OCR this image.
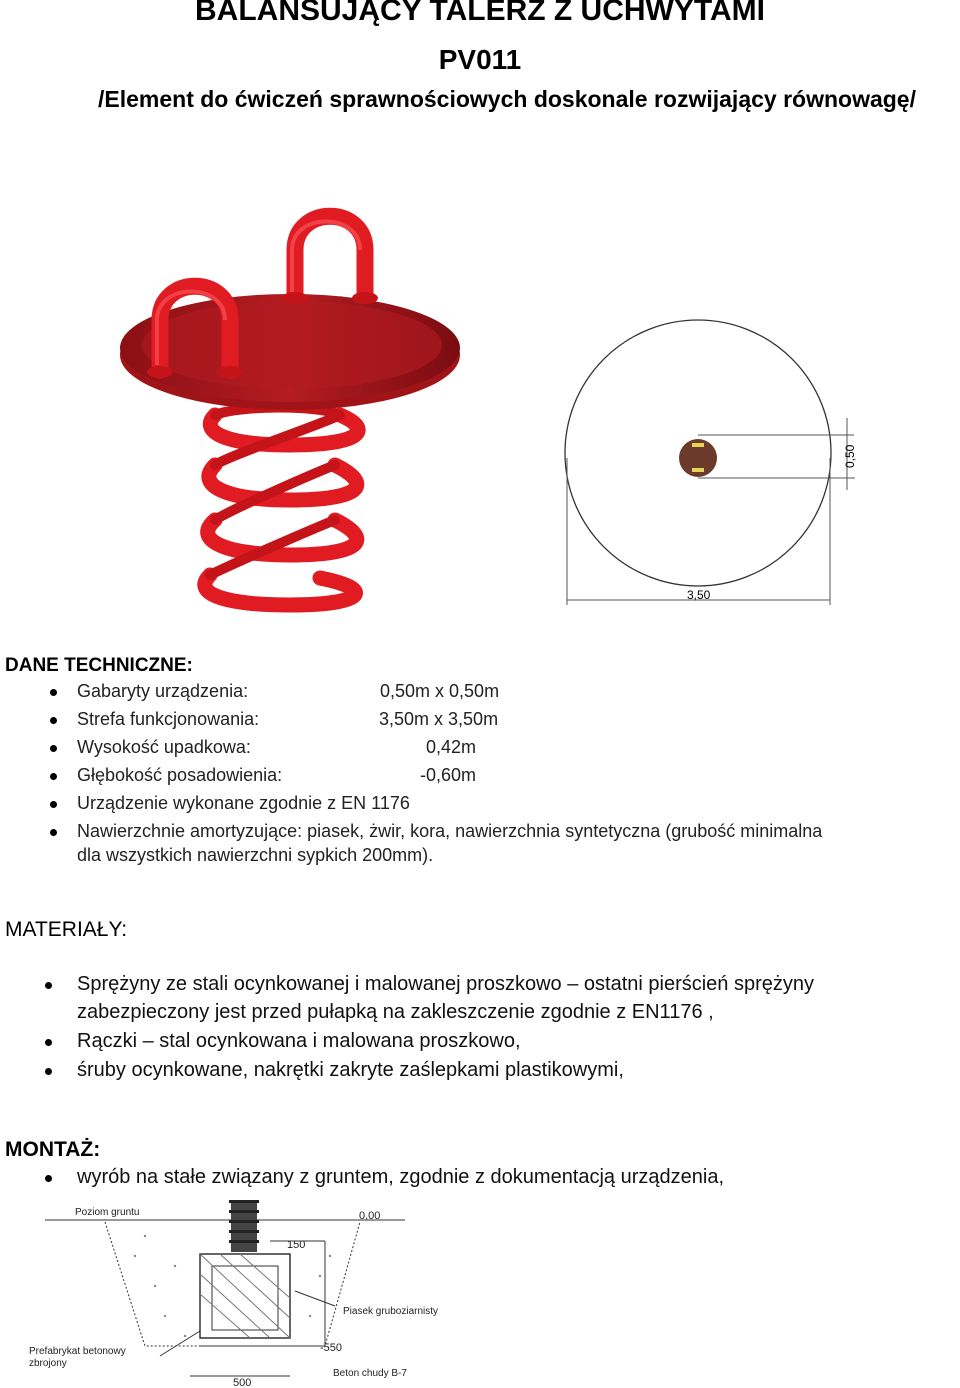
BALANSUJĄCY TALERZ Z UCHWYTAMI
PV011
/Element do ćwiczeń sprawnościowych doskonale rozwijający równowagę/
0,50
3,50
DANE TECHNICZNE:
Gabaryty urządzenia:	0,50m x 0,50m
Strefa funkcjonowania:	3,50m x 3,50m
Wysokość upadkowa:	0,42m
Głębokość posadowienia:	-0,60m
Urządzenie wykonane zgodnie z EN 1176
Nawierzchnie amortyzujące: piasek, żwir, kora, nawierzchnia syntetyczna (grubość minimalna
dla wszystkich nawierzchni sypkich 200mm).
MATERIAŁY:
Sprężyny ze stali ocynkowanej i malowanej proszkowo – ostatni pierścień sprężyny
zabezpieczony jest przed pułapką na zakleszczenie zgodnie z EN1176 ,
Rączki – stal ocynkowana i malowana proszkowo,
śruby ocynkowane, nakrętki zakryte zaślepkami plastikowymi,
MONTAŻ:
wyrób na stałe związany z gruntem, zgodnie z dokumentacją urządzenia,
Poziom gruntu	0,00
150
Piasek gruboziarnisty
Prefabrykat betonowy
zbrojony
-550
Beton chudy B-7
500
